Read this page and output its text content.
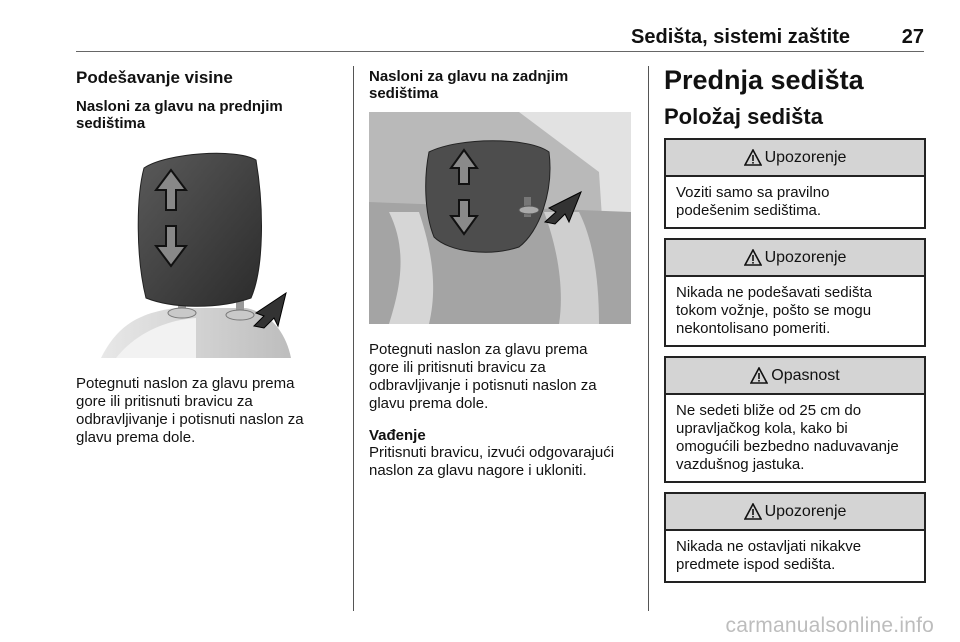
Sedišta, sistemi zaštite	27

Podešavanje visine

Nasloni za glavu na prednjim

sedištima

Potegnuti naslon za glavu prema

gore ili pritisnuti bravicu za

odbravljivanje i potisnuti naslon za

glavu prema dole.

Nasloni za glavu na zadnjim

sedištima

Potegnuti naslon za glavu prema

gore ili pritisnuti bravicu za

odbravljivanje i potisnuti naslon za

glavu prema dole.

Vađenje

Pritisnuti bravicu, izvući odgovarajući

naslon za glavu nagore i ukloniti.

Prednja sedišta

Položaj sedišta

Upozorenje
Voziti samo sa pravilno
podešenim sedištima.
Upozorenje
Nikada ne podešavati sedišta
tokom vožnje, pošto se mogu
nekontolisano pomeriti.
Opasnost
Ne sedeti bliže od 25 cm do
upravljačkog kola, kako bi
omogućili bezbedno naduvavanje
vazdušnog jastuka.
Upozorenje
Nikada ne ostavljati nikakve
predmete ispod sedišta.
carmanualsonline.info
